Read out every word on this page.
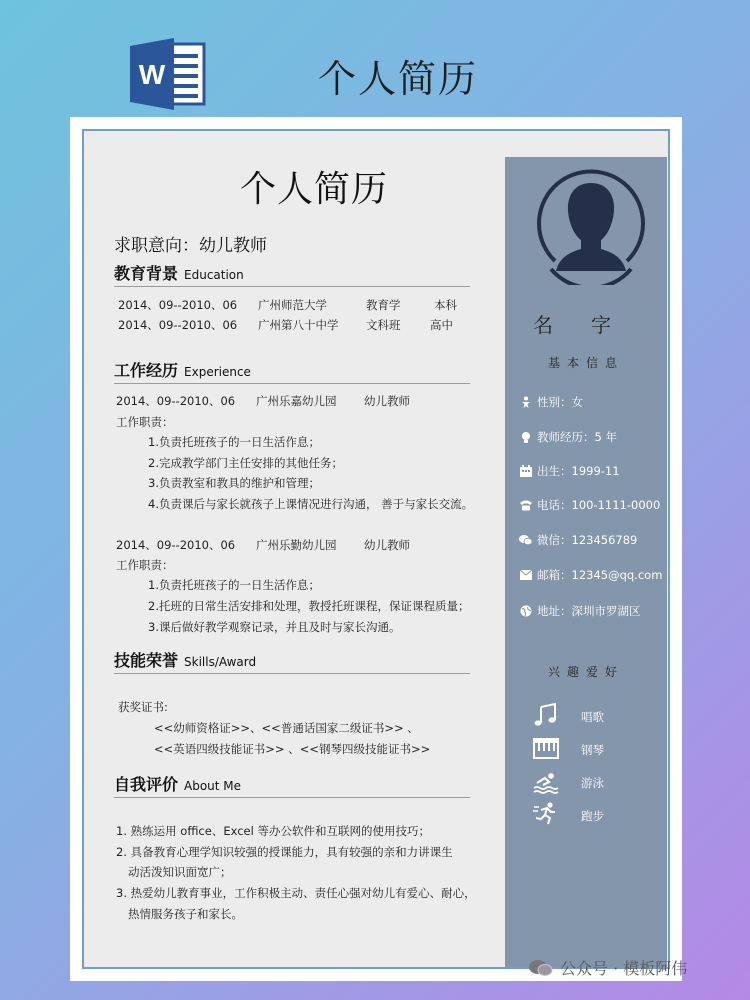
W	个人简历
个人简历
求职意向：幼儿教师
教育背景 Education
2014、09--2010、06 广州师范大学	教育学	本科
2014、09--2010、06 广州第八十中学 文科班	高中
工作经历 Experience
2014、09--2010、06 广州乐嘉幼儿园 幼儿教师
工作职责：
1.负责托班孩子的一日生活作息；
2.完成教学部门主任安排的其他任务；
3.负责教室和教具的维护和管理；
4.负责课后与家长就孩子上课情况进行沟通， 善于与家长交流。
2014、09--2010、06 广州乐勤幼儿园 幼儿教师
工作职责：
1.负责托班孩子的一日生活作息；
2.托班的日常生活安排和处理，教授托班课程，保证课程质量；
3.课后做好教学观察记录，并且及时与家长沟通。
技能荣誉 Skills/Award
获奖证书:
<<幼师资格证>>、<<普通话国家二级证书>> 、
<<英语四级技能证书>> 、<<钢琴四级技能证书>>
自我评价 About Me
1. 熟练运用 office、Excel 等办公软件和互联网的使用技巧；
2. 具备教育心理学知识较强的授课能力，具有较强的亲和力讲课生
动活泼知识面宽广；
3. 热爱幼儿教育事业，工作积极主动、责任心强对幼儿有爱心、耐心，
热情服务孩子和家长。
名字
基本信息
性别：女
教师经历：5 年
出生：1999-11
电话：100-1111-0000
微信：123456789
邮箱：12345@qq.com
地址：深圳市罗湖区
兴趣爱好
唱歌
钢琴
游泳
跑步
公众号 · 模板阿伟
